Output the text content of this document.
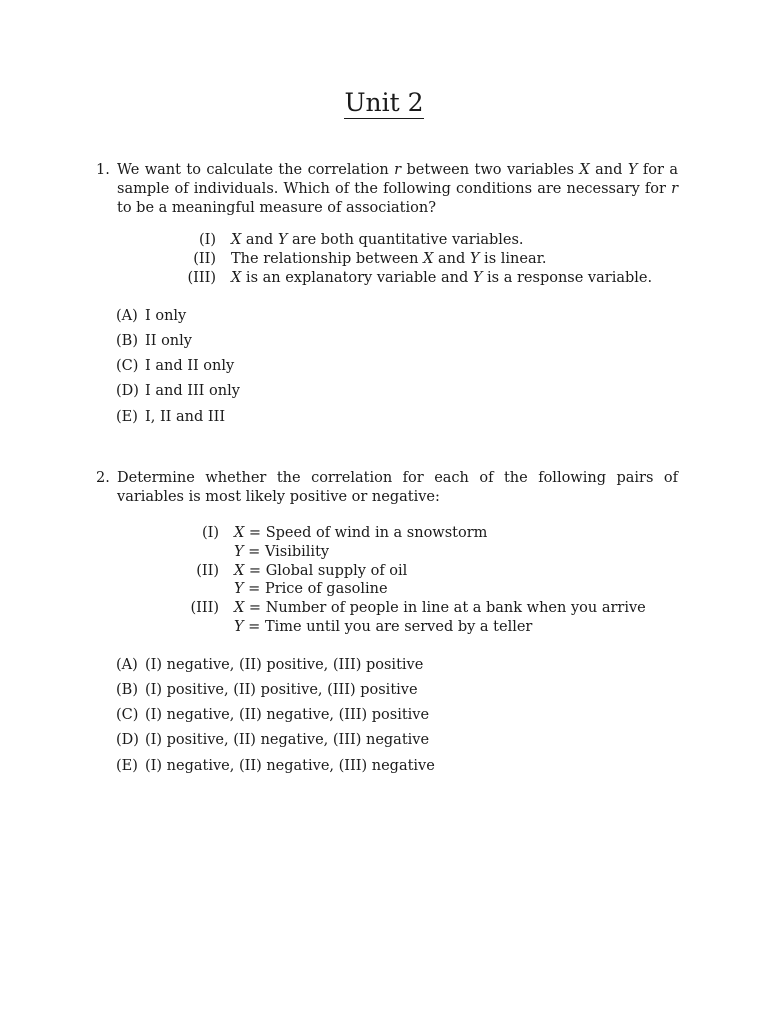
Unit 2
1. We want to calculate the correlation r between two variables X and Y for a sample of individuals. Which of the following conditions are necessary for r to be a meaningful measure of association?
(I) X and Y are both quantitative variables.
(II) The relationship between X and Y is linear.
(III) X is an explanatory variable and Y is a response variable.
(A) I only
(B) II only
(C) I and II only
(D) I and III only
(E) I, II and III
2. Determine whether the correlation for each of the following pairs of variables is most likely positive or negative:
(I) X = Speed of wind in a snowstorm
Y = Visibility
(II) X = Global supply of oil
Y = Price of gasoline
(III) X = Number of people in line at a bank when you arrive
Y = Time until you are served by a teller
(A) (I) negative, (II) positive, (III) positive
(B) (I) positive, (II) positive, (III) positive
(C) (I) negative, (II) negative, (III) positive
(D) (I) positive, (II) negative, (III) negative
(E) (I) negative, (II) negative, (III) negative
